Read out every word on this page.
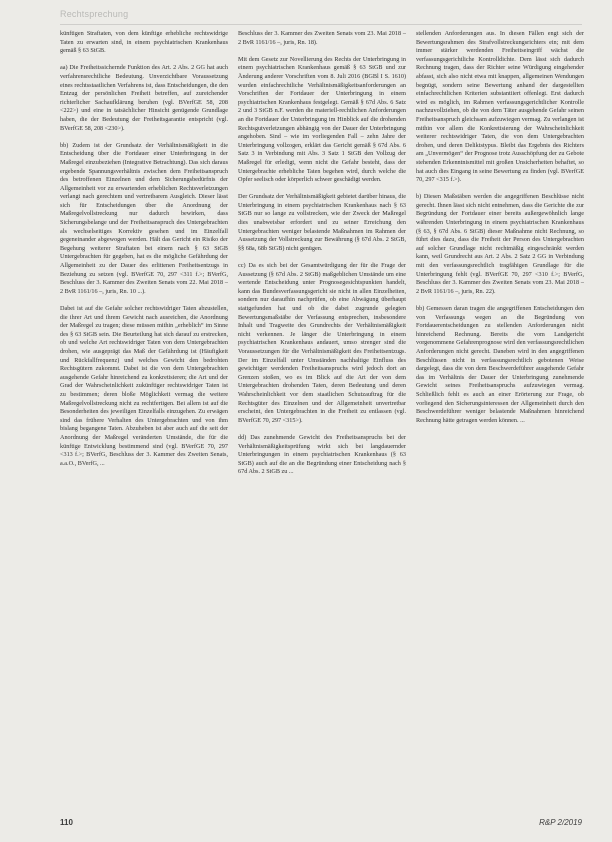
Rechtsprechung

künftigen Straftaten, von dem künftige erhebliche rechtswidrige Taten zu erwarten sind, in einem psychiatrischen Krankenhaus gemäß § 63 StGB.

aa) Die Freiheitssichernde Funktion des Art. 2 Abs. 2 GG hat auch verfahrensrechtliche Bedeutung. Unverzichtbare Voraussetzung eines rechtsstaatlichen Verfahrens ist, dass Entscheidungen, die den Entzug der persönlichen Freiheit betreffen, auf zureichender richterlicher Sachaufklärung beruhen (vgl. BVerfGE 58, 208 <222>) und eine in tatsächlicher Hinsicht genügende Grundlage haben, die der Bedeutung der Freiheitsgarantie entspricht (vgl. BVerfGE 58, 208 <230>).

bb) Zudem ist der Grundsatz der Verhältnismäßigkeit in die Entscheidung über die Fortdauer einer Unterbringung in der Maßregel einzubeziehen (Integrative Betrachtung). Das sich daraus ergebende Spannungsverhältnis zwischen dem Freiheitsanspruch des betroffenen Einzelnen und dem Sicherungsbedürfnis der Allgemeinheit vor zu erwartenden erheblichen Rechtsverletzungen verlangt nach gerechtem und vertretbarem Ausgleich. Dieser lässt sich für Entscheidungen über die Anordnung der Maßregelvollstreckung nur dadurch bewirken, dass Sicherungsbelange und der Freiheitsanspruch des Untergebrachten als wechselseitiges Korrektiv gesehen und im Einzelfall gegeneinander abgewogen werden. Hält das Gericht ein Risiko der Begehung weiterer Straftaten bei einem nach § 63 StGB Untergebrachten für gegeben, hat es die mögliche Gefährdung der Allgemeinheit zu der Dauer des erlittenen Freiheitsentzugs in Beziehung zu setzen (vgl. BVerfGE 70, 297 <311 f.>; BVerfG, Beschluss der 3. Kammer des Zweiten Senats vom 22. Mai 2018 – 2 BvR 1161/16 –, juris, Rn. 10 ...).

Dabei ist auf die Gefahr solcher rechtswidriger Taten abzustellen, die ihrer Art und ihrem Gewicht nach ausreichen, die Anordnung der Maßregel zu tragen; diese müssen mithin „erheblich“ im Sinne des § 63 StGB sein. Die Beurteilung hat sich darauf zu erstrecken, ob und welche Art rechtswidriger Taten von dem Untergebrachten drohen, wie ausgeprägt das Maß der Gefährdung ist (Häufigkeit und Rückfallfrequenz) und welches Gewicht den bedrohten Rechtsgütern zukommt. Dabei ist die von dem Untergebrachten ausgehende Gefahr hinreichend zu konkretisieren; die Art und der Grad der Wahrscheinlichkeit zukünftiger rechtswidriger Taten ist zu bestimmen; deren bloße Möglichkeit vermag die weitere Maßregelvollstreckung nicht zu rechtfertigen. Bei allem ist auf die Besonderheiten des jeweiligen Einzelfalls einzugehen. Zu erwägen sind das frühere Verhalten des Untergebrachten und von ihm bislang begangene Taten. Abzuheben ist aber auch auf die seit der Anordnung der Maßregel veränderten Umstände, die für die künftige Entwicklung bestimmend sind (vgl. BVerfGE 70, 297 <313 f.>; BVerfG, Beschluss der 3. Kammer des Zweiten Senats, a.a.O., BVerfG, ...

Beschluss der 3. Kammer des Zweiten Senats vom 23. Mai 2018 – 2 BvR 1161/16 –, juris, Rn. 18).

Mit dem Gesetz zur Novellierung des Rechts der Unterbringung in einem psychiatrischen Krankenhaus gemäß § 63 StGB und zur Änderung anderer Vorschriften vom 8. Juli 2016 (BGBl I S. 1610) wurden einfachrechtliche Verhältnismäßigkeitsanforderungen an Vorschriften der Fortdauer der Unterbringung in einem psychiatrischen Krankenhaus festgelegt. Gemäß § 67d Abs. 6 Satz 2 und 3 StGB n.F. werden die materiell-rechtlichen Anforderungen an die Fortdauer der Unterbringung im Hinblick auf die drohenden Rechtsgutverletzungen abhängig von der Dauer der Unterbringung angehoben. Sind – wie im vorliegenden Fall – zehn Jahre der Unterbringung vollzogen, erklärt das Gericht gemäß § 67d Abs. 6 Satz 3 in Verbindung mit Abs. 3 Satz 1 StGB den Vollzug der Maßregel für erledigt, wenn nicht die Gefahr besteht, dass der Untergebrachte erhebliche Taten begehen wird, durch welche die Opfer seelisch oder körperlich schwer geschädigt werden.

Der Grundsatz der Verhältnismäßigkeit gebietet darüber hinaus, die Unterbringung in einem psychiatrischen Krankenhaus nach § 63 StGB nur so lange zu vollstrecken, wie der Zweck der Maßregel dies unabweisbar erfordert und zu seiner Erreichung den Untergebrachten weniger belastende Maßnahmen im Rahmen der Aussetzung der Vollstreckung zur Bewährung (§ 67d Abs. 2 StGB, §§ 68a, 68b StGB) nicht genügen.

cc) Da es sich bei der Gesamtwürdigung der für die Frage der Aussetzung (§ 67d Abs. 2 StGB) maßgeblichen Umstände um eine wertende Entscheidung unter Prognosegesichtspunkten handelt, kann das Bundesverfassungsgericht sie nicht in allen Einzelheiten, sondern nur daraufhin nachprüfen, ob eine Abwägung überhaupt stattgefunden hat und ob die dabei zugrunde gelegten Bewertungsmaßstäbe der Verfassung entsprechen, insbesondere Inhalt und Tragweite des Grundrechts der Verhältnismäßigkeit nicht verkennen. Je länger die Unterbringung in einem psychiatrischen Krankenhaus andauert, umso strenger sind die Voraussetzungen für die Verhältnismäßigkeit des Freiheitsentzugs. Der im Einzelfall unter Umständen nachhaltige Einfluss des gewichtiger werdenden Freiheitsanspruchs wird jedoch dort an Grenzen stoßen, wo es im Blick auf die Art der von dem Untergebrachten drohenden Taten, deren Bedeutung und deren Wahrscheinlichkeit vor dem staatlichen Schutzauftrag für die Rechtsgüter des Einzelnen und der Allgemeinheit unvertretbar erscheint, den Untergebrachten in die Freiheit zu entlassen (vgl. BVerfGE 70, 297 <315>).

dd) Das zunehmende Gewicht des Freiheitsanspruchs bei der Verhältnismäßigkeitsprüfung wirkt sich bei langdauernder Unterbringungen in einem psychiatrischen Krankenhaus (§ 63 StGB) auch auf die an die Begründung einer Entscheidung nach § 67d Abs. 2 StGB zu ...

stellenden Anforderungen aus. In diesen Fällen engt sich der Bewertungsrahmen des Strafvollstreckungsrichters ein; mit dem immer stärker werdenden Freiheitseingriff wächst die verfassungsgerichtliche Kontrolldichte. Dem lässt sich dadurch Rechnung tragen, dass der Richter seine Würdigung eingehender abfasst, sich also nicht etwa mit knappen, allgemeinen Wendungen begnügt, sondern seine Bewertung anhand der dargestellten einfachrechtlichen Kriterien substantiiert offenlegt. Erst dadurch wird es möglich, im Rahmen verfassungsgerichtlicher Kontrolle nachzuvollziehen, ob die von dem Täter ausgehende Gefahr seinen Freiheitsanspruch gleichsam aufzuwiegen vermag. Zu verlangen ist mithin vor allem die Konkretisierung der Wahrscheinlichkeit weiterer rechtswidriger Taten, die von dem Untergebrachten drohen, und deren Deliktstypus. Bleibt das Ergebnis des Richters am „Unvermögen“ der Prognose trotz Ausschöpfung der zu Gebote stehenden Erkenntnismittel mit großen Unsicherheiten behaftet, so hat auch dies Eingang in seine Bewertung zu finden (vgl. BVerfGE 70, 297 <315 f.>).

b) Diesen Maßstäben werden die angegriffenen Beschlüsse nicht gerecht. Ihnen lässt sich nicht entnehmen, dass die Gerichte die zur Begründung der Fortdauer einer bereits außergewöhnlich lange währenden Unterbringung in einem psychiatrischen Krankenhaus (§ 63, § 67d Abs. 6 StGB) dieser Maßnahme nicht Rechnung, so führt dies dazu, dass die Freiheit der Person des Untergebrachten auf solcher Grundlage nicht rechtmäßig eingeschränkt werden kann, weil Grundrecht aus Art. 2 Abs. 2 Satz 2 GG in Verbindung mit den verfassungsrechtlich tragfähigen Grundlage für die Unterbringung fehlt (vgl. BVerfGE 70, 297 <310 f.>; BVerfG, Beschluss der 3. Kammer des Zweiten Senats vom 23. Mai 2018 – 2 BvR 1161/16 –, juris, Rn. 22).

bb) Gemessen daran tragen die angegriffenen Entscheidungen den von Verfassungs wegen an die Begründung von Fortdauerentscheidungen zu stellenden Anforderungen nicht hinreichend Rechnung. Bereits die vom Landgericht vorgenommene Gefahrenprognose wird den verfassungsrechtlichen Anforderungen nicht gerecht. Daneben wird in den angegriffenen Beschlüssen nicht in verfassungsrechtlich gebotenen Weise dargelegt, dass die von dem Beschwerdeführer ausgehende Gefahr das im Verhältnis der Dauer der Unterbringung zunehmende Gewicht seines Freiheitsanspruchs aufzuwiegen vermag. Schließlich fehlt es auch an einer Erörterung zur Frage, ob vorliegend den Sicherungsinteressen der Allgemeinheit durch den Beschwerdeführer weniger belastende Maßnahmen hinreichend Rechnung hätte getragen werden können. ...

110	R&P 2/2019
